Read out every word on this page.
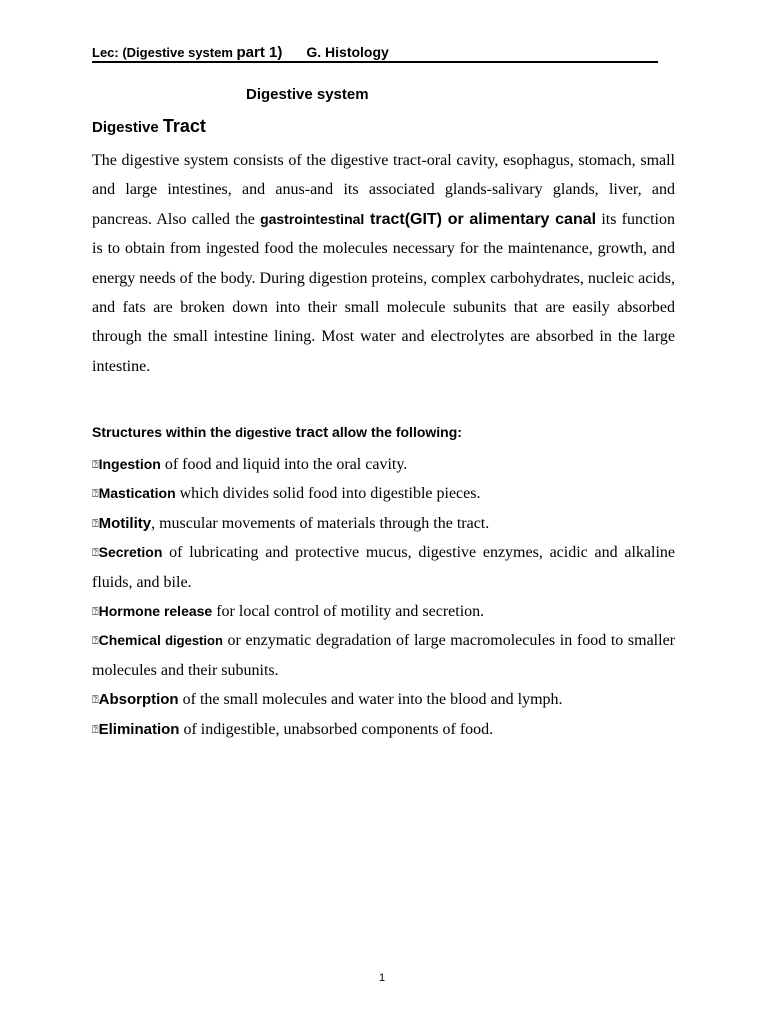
Lec: (Digestive system part 1) G. Histology
Digestive system
Digestive Tract
The digestive system consists of the digestive tract-oral cavity, esophagus, stomach, small and large intestines, and anus-and its associated glands-salivary glands, liver, and pancreas. Also called the gastrointestinal tract(GIT) or alimentary canal its function is to obtain from ingested food the molecules necessary for the maintenance, growth, and energy needs of the body. During digestion proteins, complex carbohydrates, nucleic acids, and fats are broken down into their small molecule subunits that are easily absorbed through the small intestine lining. Most water and electrolytes are absorbed in the large intestine.
Structures within the digestive tract allow the following:

⍰Ingestion of food and liquid into the oral cavity.

⍰Mastication which divides solid food into digestible pieces.

⍰Motility, muscular movements of materials through the tract.

⍰Secretion of lubricating and protective mucus, digestive enzymes, acidic and alkaline fluids, and bile.

⍰Hormone release for local control of motility and secretion.

⍰Chemical digestion or enzymatic degradation of large macromolecules in food to smaller molecules and their subunits.

⍰Absorption of the small molecules and water into the blood and lymph.

⍰Elimination of indigestible, unabsorbed components of food.

1
